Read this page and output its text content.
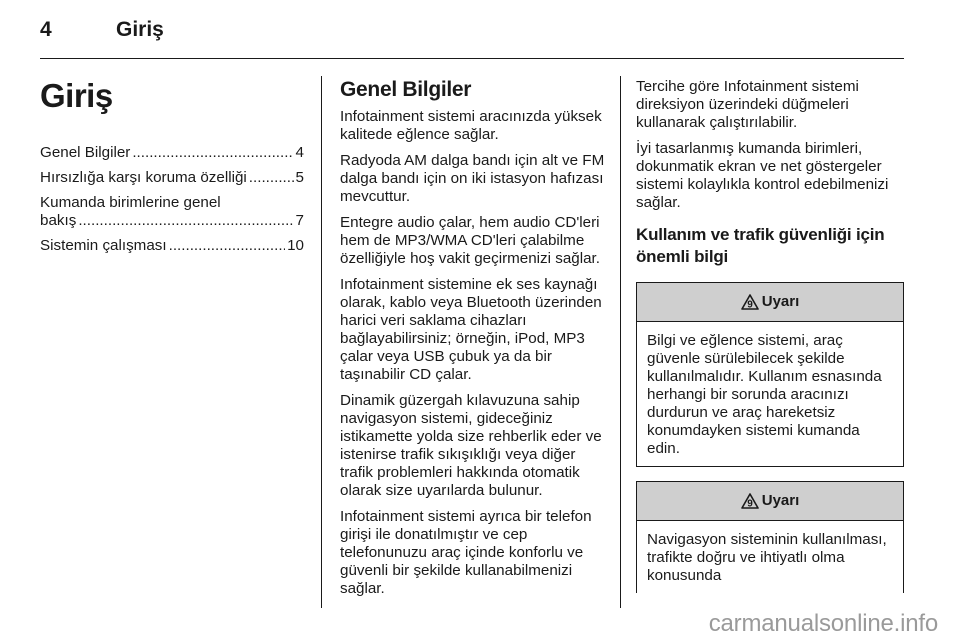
4	Giriş
Giriş
Genel Bilgiler .....	4
Hırsızlığa karşı koruma özelliği .....	5
Kumanda birimlerine genel
bakış .....	7
Sistemin çalışması .....	10
Genel Bilgiler

Infotainment sistemi aracınızda yüksek kalitede eğlence sağlar.

Radyoda AM dalga bandı için alt ve FM dalga bandı için on iki istasyon hafızası mevcuttur.

Entegre audio çalar, hem audio CD'leri hem de MP3/WMA CD'leri çalabilme özelliğiyle hoş vakit geçirmenizi sağlar.

Infotainment sistemine ek ses kaynağı olarak, kablo veya Bluetooth üzerinden harici veri saklama cihazları bağlayabilirsiniz; örneğin, iPod, MP3 çalar veya USB çubuk ya da bir taşınabilir CD çalar.

Dinamik güzergah kılavuzuna sahip navigasyon sistemi, gideceğiniz istikamette yolda size rehberlik eder ve istenirse trafik sıkışıklığı veya diğer trafik problemleri hakkında otomatik olarak size uyarılarda bulunur.

Infotainment sistemi ayrıca bir telefon girişi ile donatılmıştır ve cep telefonunuzu araç içinde konforlu ve güvenli bir şekilde kullanabilmenizi sağlar.

Tercihe göre Infotainment sistemi direksiyon üzerindeki düğmeleri kullanarak çalıştırılabilir.

İyi tasarlanmış kumanda birimleri, dokunmatik ekran ve net göstergeler sistemi kolaylıkla kontrol edebilmenizi sağlar.

Kullanım ve trafik güvenliği için önemli bilgi
9 Uyarı
Bilgi ve eğlence sistemi, araç güvenle sürülebilecek şekilde kullanılmalıdır. Kullanım esnasında herhangi bir sorunda aracınızı durdurun ve araç hareketsiz konumdayken sistemi kumanda edin.
9 Uyarı
Navigasyon sisteminin kullanılması, trafikte doğru ve ihtiyatlı olma konusunda
carmanualsonline.info
